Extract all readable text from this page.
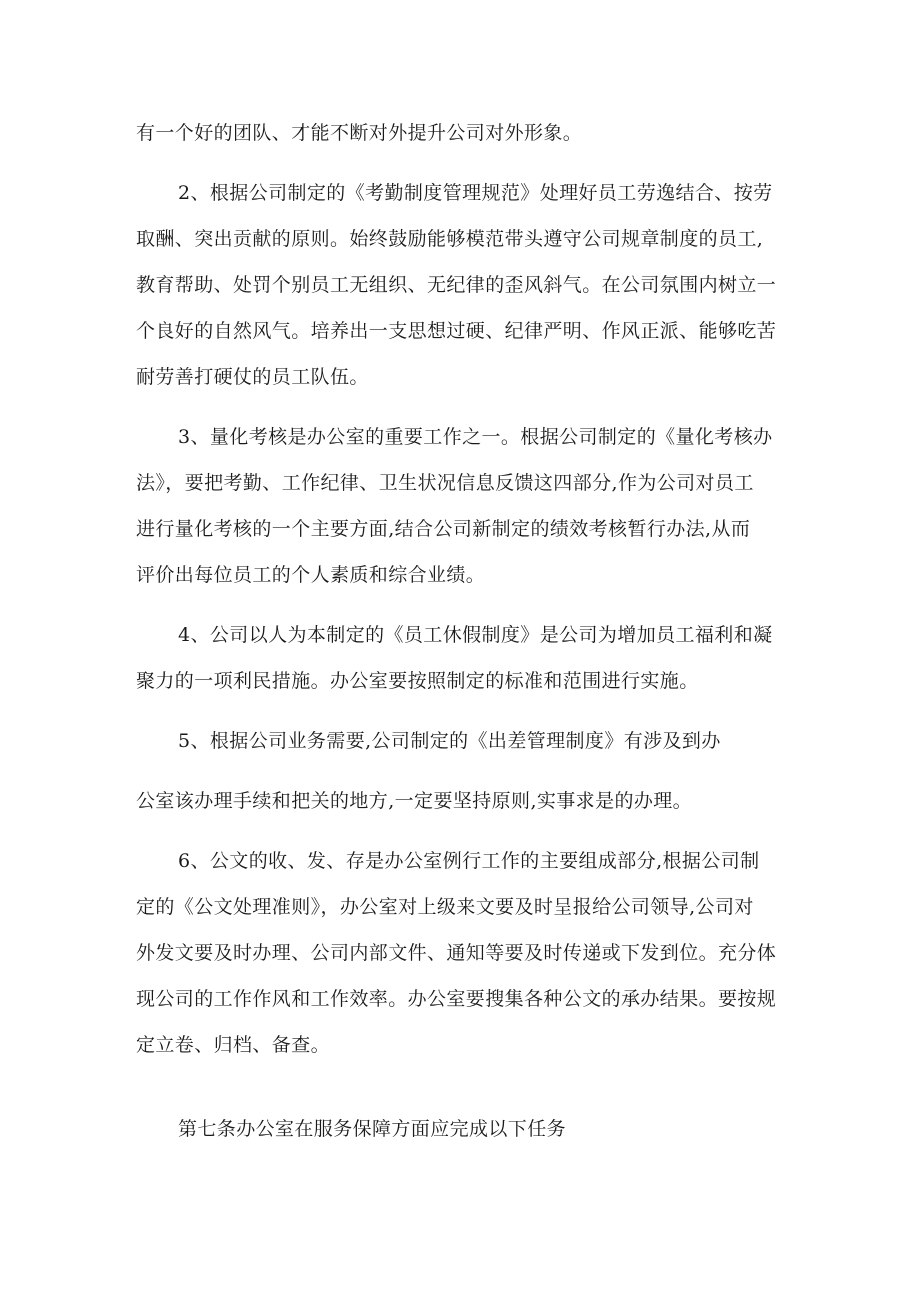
有一个好的团队、才能不断对外提升公司对外形象。
2、根据公司制定的《考勤制度管理规范》处理好员工劳逸结合、按劳
取酬、突出贡献的原则。始终鼓励能够模范带头遵守公司规章制度的员工,
教育帮助、处罚个别员工无组织、无纪律的歪风斜气。在公司氛围内树立一
个良好的自然风气。培养出一支思想过硬、纪律严明、作风正派、能够吃苦
耐劳善打硬仗的员工队伍。
3、量化考核是办公室的重要工作之一。根据公司制定的《量化考核办
法》，要把考勤、工作纪律、卫生状况信息反馈这四部分,作为公司对员工
进行量化考核的一个主要方面,结合公司新制定的绩效考核暂行办法,从而
评价出每位员工的个人素质和综合业绩。
4、公司以人为本制定的《员工休假制度》是公司为增加员工福利和凝
聚力的一项利民措施。办公室要按照制定的标准和范围进行实施。
5、根据公司业务需要,公司制定的《出差管理制度》有涉及到办
公室该办理手续和把关的地方,一定要坚持原则,实事求是的办理。
6、公文的收、发、存是办公室例行工作的主要组成部分,根据公司制
定的《公文处理准则》，办公室对上级来文要及时呈报给公司领导,公司对
外发文要及时办理、公司内部文件、通知等要及时传递或下发到位。充分体
现公司的工作作风和工作效率。办公室要搜集各种公文的承办结果。要按规
定立卷、归档、备查。
第七条办公室在服务保障方面应完成以下任务
